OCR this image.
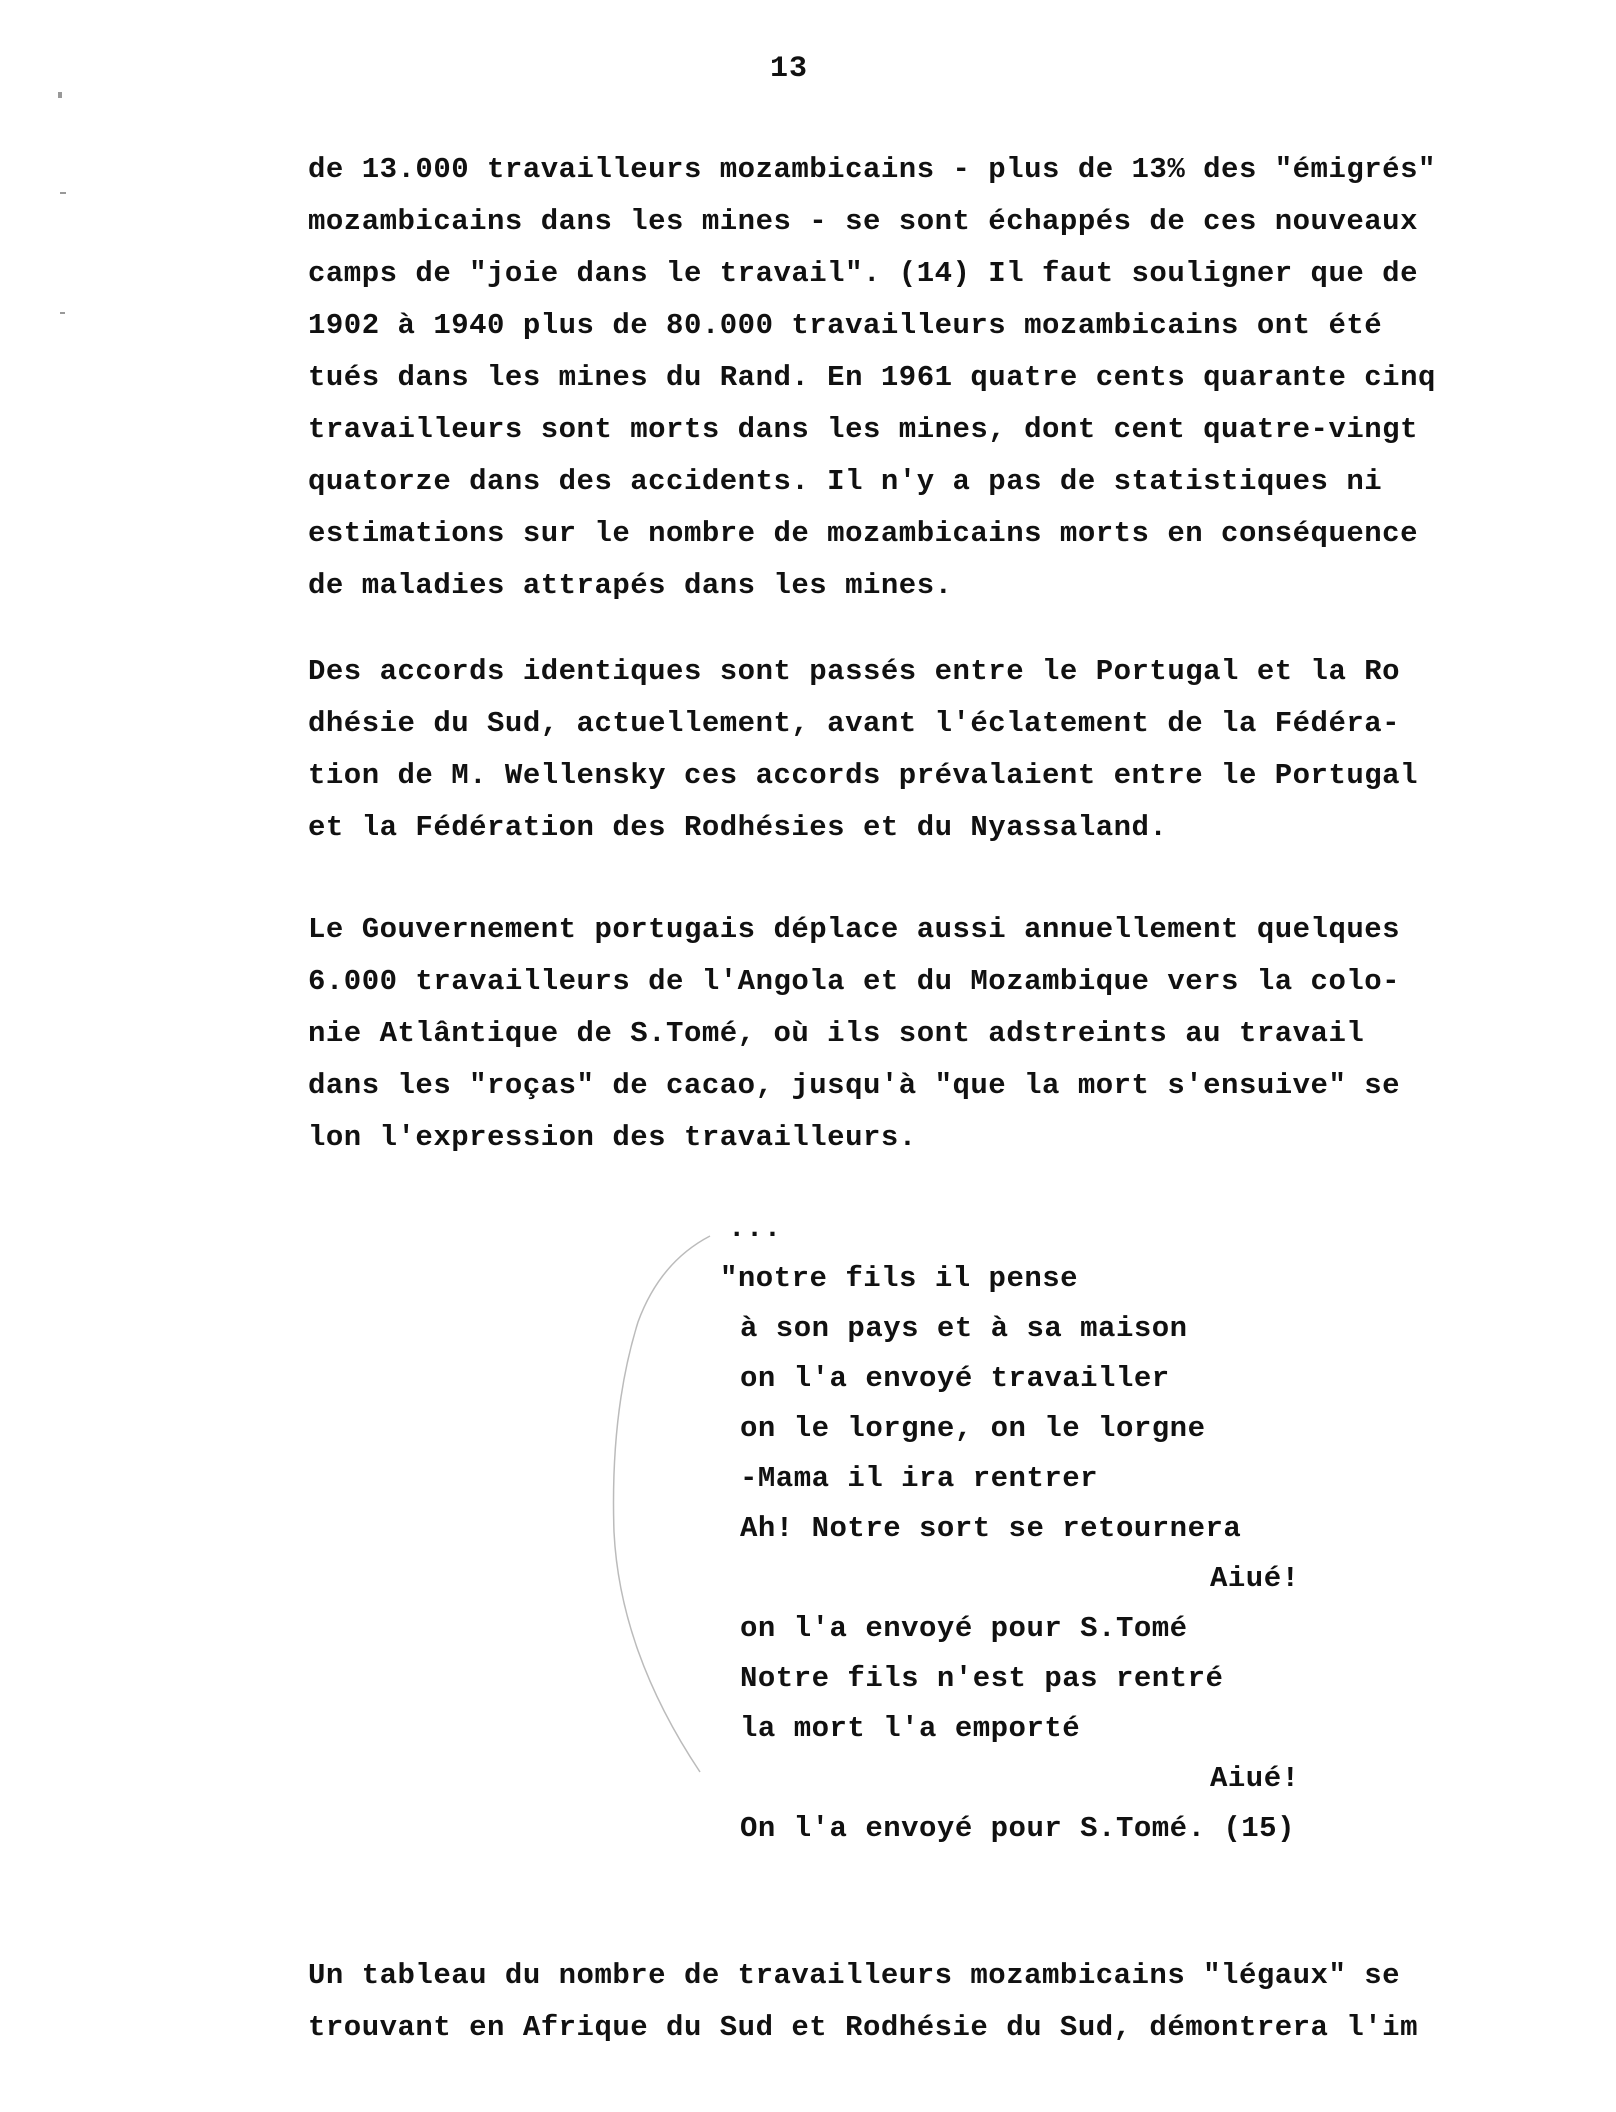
13
de 13.000 travailleurs mozambicains - plus de 13% des "émigrés"
mozambicains dans les mines - se sont échappés de ces nouveaux
camps de "joie dans le travail". (14) Il faut souligner que de
1902 à 1940 plus de 80.000 travailleurs mozambicains ont été
tués dans les mines du Rand. En 1961 quatre cents quarante cinq
travailleurs sont morts dans les mines, dont cent quatre-vingt
quatorze dans des accidents. Il n'y a pas de statistiques ni
estimations sur le nombre de mozambicains morts en conséquence
de maladies attrapés dans les mines.
Des accords identiques sont passés entre le Portugal et la Ro
dhésie du Sud, actuellement, avant l'éclatement de la Fédéra-
tion de M. Wellensky ces accords prévalaient entre le Portugal
et la Fédération des Rodhésies et du Nyassaland.
Le Gouvernement portugais déplace aussi annuellement quelques
6.000 travailleurs de l'Angola et du Mozambique vers la colo-
nie Atlântique de S.Tomé, où ils sont adstreints au travail
dans les "roças" de cacao, jusqu'à "que la mort s'ensuive" se
lon l'expression des travailleurs.
...
"notre fils il pense
à son pays et à sa maison
on l'a envoyé travailler
on le lorgne, on le lorgne
-Mama il ira rentrer
Ah! Notre sort se retournera
Aiué!
on l'a envoyé pour S.Tomé
Notre fils n'est pas rentré
la mort l'a emporté
Aiué!
On l'a envoyé pour S.Tomé. (15)
Un tableau du nombre de travailleurs mozambicains "légaux" se
trouvant en Afrique du Sud et Rodhésie du Sud, démontrera l'im
